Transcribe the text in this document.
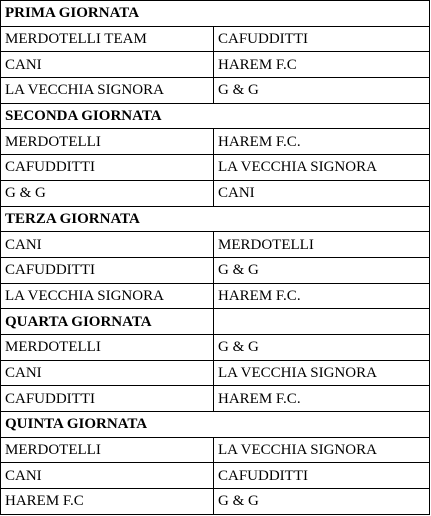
PRIMA GIORNATA	
MERDOTELLI TEAM	CAFUDDITTI
CANI	HAREM F.C
LA VECCHIA SIGNORA	G & G
SECONDA GIORNATA	
MERDOTELLI	HAREM F.C.
CAFUDDITTI	LA VECCHIA SIGNORA
G & G	CANI
TERZA GIORNATA	
CANI	MERDOTELLI
CAFUDDITTI	G & G
LA VECCHIA SIGNORA	HAREM F.C.
QUARTA GIORNATA	
MERDOTELLI	G & G
CANI	LA VECCHIA SIGNORA
CAFUDDITTI	HAREM F.C.
QUINTA GIORNATA	
MERDOTELLI	LA VECCHIA SIGNORA
CANI	CAFUDDITTI
HAREM F.C	G & G
